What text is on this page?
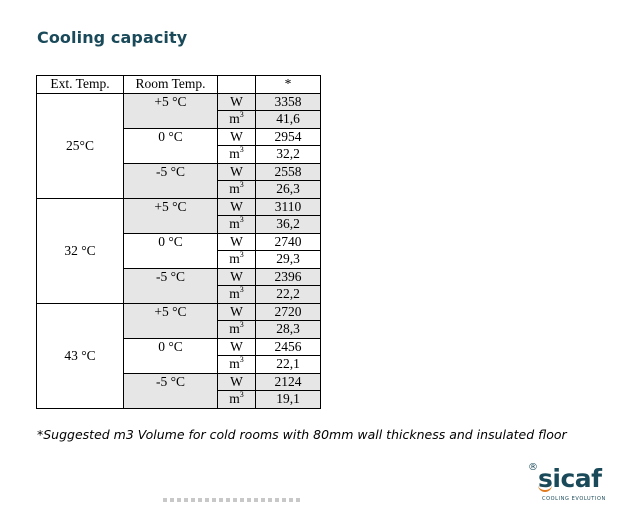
Cooling capacity
Ext. Temp.	Room Temp.		*
25°C	+5 °C	W	3358
		$m^3$	41,6
	0 °C	W	2954
		$m^3$	32,2
	-5 °C	W	2558
		$m^3$	26,3
32 °C	+5 °C	W	3110
		$m^3$	36,2
	0 °C	W	2740
		$m^3$	29,3
	-5 °C	W	2396
		$m^3$	22,2
43 °C	+5 °C	W	2720
		$m^3$	28,3
	0 °C	W	2456
		$m^3$	22,1
	-5 °C	W	2124
		$m^3$	19,1
*Suggested m3 Volume for cold rooms with 80mm wall thickness and insulated floor
® sicaf
COOLING EVOLUTION
